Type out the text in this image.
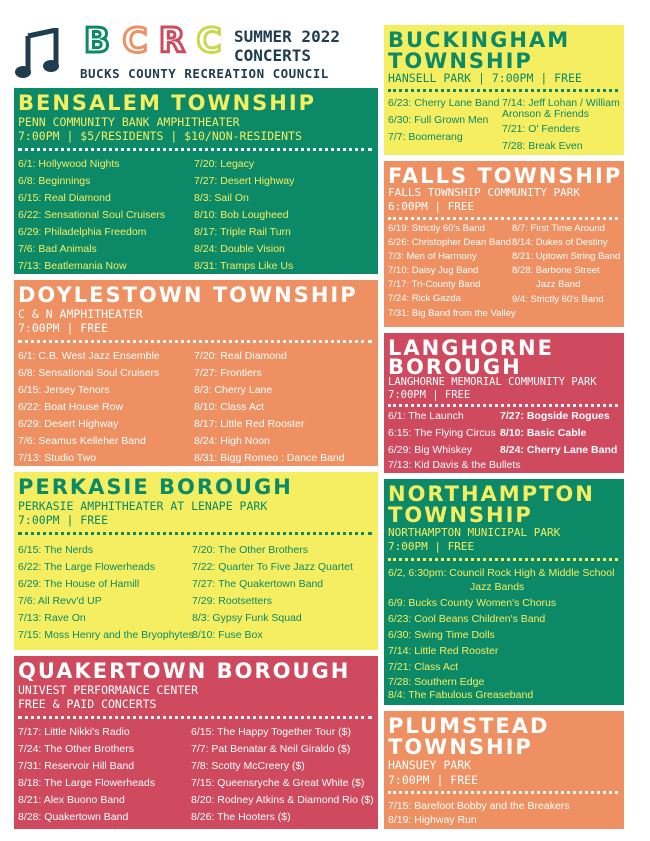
B C R C SUMMER 2022
CONCERTS
BUCKS COUNTY RECREATION COUNCIL
BENSALEM TOWNSHIP
PENN COMMUNITY BANK AMPHITHEATER
7:00PM | $5/RESIDENTS | $10/NON-RESIDENTS
6/1: Hollywood Nights
6/8: Beginnings
6/15: Real Diamond
6/22: Sensational Soul Cruisers
6/29: Philadelphia Freedom
7/6: Bad Animals
7/13: Beatlemania Now
7/20: Legacy
7/27: Desert Highway
8/3: Sail On
8/10: Bob Lougheed
8/17: Triple Rail Turn
8/24: Double Vision
8/31: Tramps Like Us
DOYLESTOWN TOWNSHIP
C & N AMPHITHEATER
7:00PM | FREE
6/1: C.B. West Jazz Ensemble
6/8: Sensational Soul Cruisers
6/15: Jersey Tenors
6/22: Boat House Row
6/29: Desert Highway
7/6: Seamus Kelleher Band
7/13: Studio Two
7/20: Real Diamond
7/27: Frontiers
8/3: Cherry Lane
8/10: Class Act
8/17: Little Red Rooster
8/24: High Noon
8/31: Bigg Romeo : Dance Band
PERKASIE BOROUGH
PERKASIE AMPHITHEATER AT LENAPE PARK
7:00PM | FREE
6/15: The Nerds
6/22: The Large Flowerheads
6/29: The House of Hamill
7/6: All Revv'd UP
7/13: Rave On
7/15: Moss Henry and the Bryophytes
7/20: The Other Brothers
7/22: Quarter To Five Jazz Quartet
7/27: The Quakertown Band
7/29: Rootsetters
8/3: Gypsy Funk Squad
8/10: Fuse Box
QUAKERTOWN BOROUGH
UNIVEST PERFORMANCE CENTER
FREE & PAID CONCERTS
7/17: Little Nikki's Radio
7/24: The Other Brothers
7/31: Reservoir Hill Band
8/18: The Large Flowerheads
8/21: Alex Buono Band
8/28: Quakertown Band
6/15: The Happy Together Tour ($)
7/7: Pat Benatar & Neil Giraldo ($)
7/8: Scotty McCreery ($)
7/15: Queensryche & Great White ($)
8/20: Rodney Atkins & Diamond Rio ($)
8/26: The Hooters ($)
BUCKINGHAM
TOWNSHIP
HANSELL PARK | 7:00PM | FREE
6/23: Cherry Lane Band
6/30: Full Grown Men
7/7: Boomerang
7/14: Jeff Lohan / William
Aronson & Friends
7/21: O' Fenders
7/28: Break Even
FALLS TOWNSHIP
FALLS TOWNSHIP COMMUNITY PARK
6:00PM | FREE
6/19: Strictly 60's Band
6/26: Christopher Dean Band
7/3: Men of Harmony
7/10: Daisy Jug Band
7/17: Tri-County Band
7/24: Rick Gazda
7/31: Big Band from the Valley
8/7: First Time Around
8/14: Dukes of Destiny
8/21: Uptown String Band
8/28: Barbone Street
Jazz Band
9/4: Strictly 60's Band
LANGHORNE
BOROUGH
LANGHORNE MEMORIAL COMMUNITY PARK
7:00PM | FREE
6/1: The Launch
6:15: The Flying Circus
6/29: Big Whiskey
7/13: Kid Davis & the Bullets
7/27: Bogside Rogues
8/10: Basic Cable
8/24: Cherry Lane Band
NORTHAMPTON
TOWNSHIP
NORTHAMPTON MUNICIPAL PARK
7:00PM | FREE
6/2, 6:30pm: Council Rock High & Middle School
Jazz Bands
6/9: Bucks County Women's Chorus
6/23: Cool Beans Children's Band
6/30: Swing Time Dolls
7/14: Little Red Rooster
7/21: Class Act
7/28: Southern Edge
8/4: The Fabulous Greaseband
PLUMSTEAD
TOWNSHIP
HANSUEY PARK
7:00PM | FREE
7/15: Barefoot Bobby and the Breakers
8/19: Highway Run
